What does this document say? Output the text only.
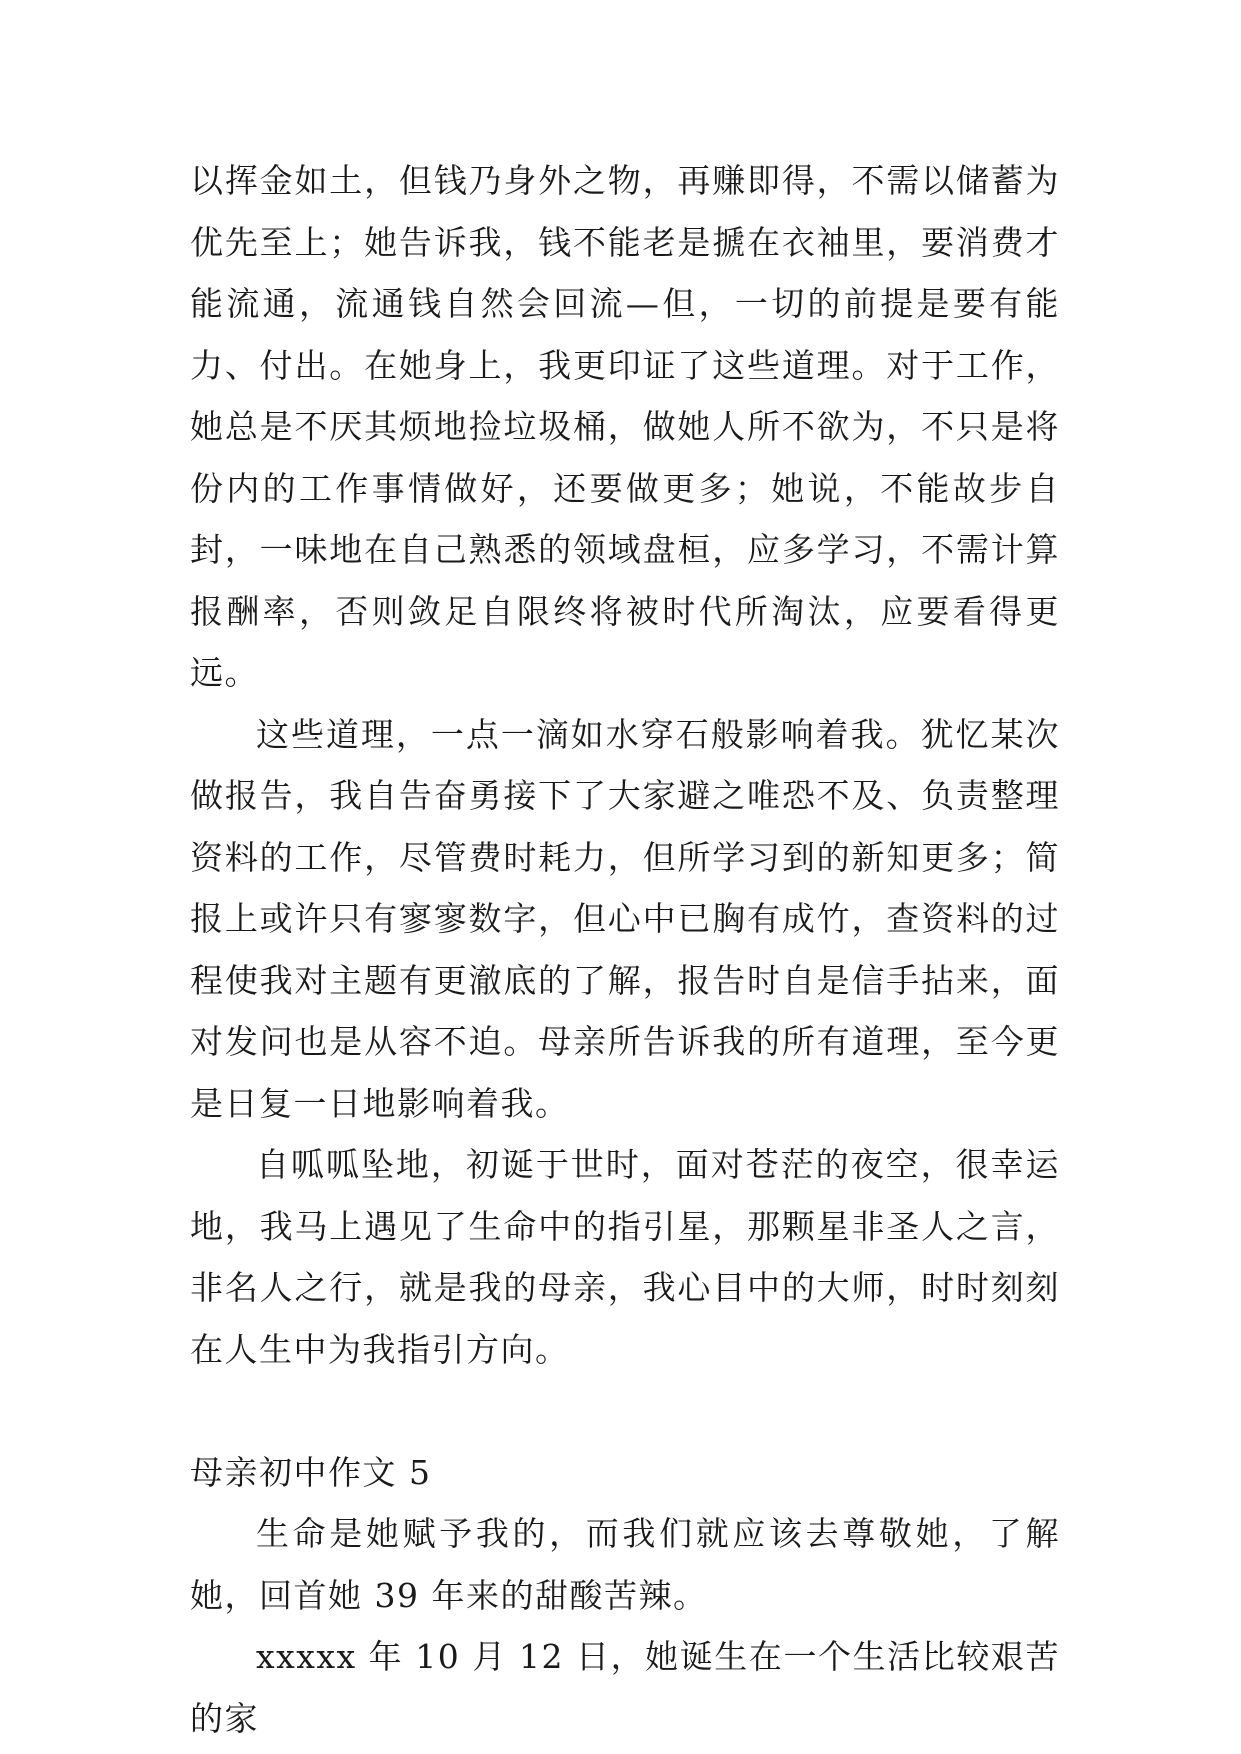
以挥金如土，但钱乃身外之物，再赚即得，不需以储蓄为优先至上；她告诉我，钱不能老是搋在衣袖里，要消费才能流通，流通钱自然会回流—但，一切的前提是要有能力、付出。在她身上，我更印证了这些道理。对于工作，她总是不厌其烦地捡垃圾桶，做她人所不欲为，不只是将份内的工作事情做好，还要做更多；她说，不能故步自封，一味地在自己熟悉的领域盘桓，应多学习，不需计算报酬率，否则敛足自限终将被时代所淘汰，应要看得更远。

这些道理，一点一滴如水穿石般影响着我。犹忆某次做报告，我自告奋勇接下了大家避之唯恐不及、负责整理资料的工作，尽管费时耗力，但所学习到的新知更多；简报上或许只有寥寥数字，但心中已胸有成竹，查资料的过程使我对主题有更澈底的了解，报告时自是信手拈来，面对发问也是从容不迫。母亲所告诉我的所有道理，至今更是日复一日地影响着我。

自呱呱坠地，初诞于世时，面对苍茫的夜空，很幸运地，我马上遇见了生命中的指引星，那颗星非圣人之言，非名人之行，就是我的母亲，我心目中的大师，时时刻刻在人生中为我指引方向。

母亲初中作文 5

生命是她赋予我的，而我们就应该去尊敬她，了解她，回首她 39 年来的甜酸苦辣。

xxxxx 年 10 月 12 日，她诞生在一个生活比较艰苦的家
